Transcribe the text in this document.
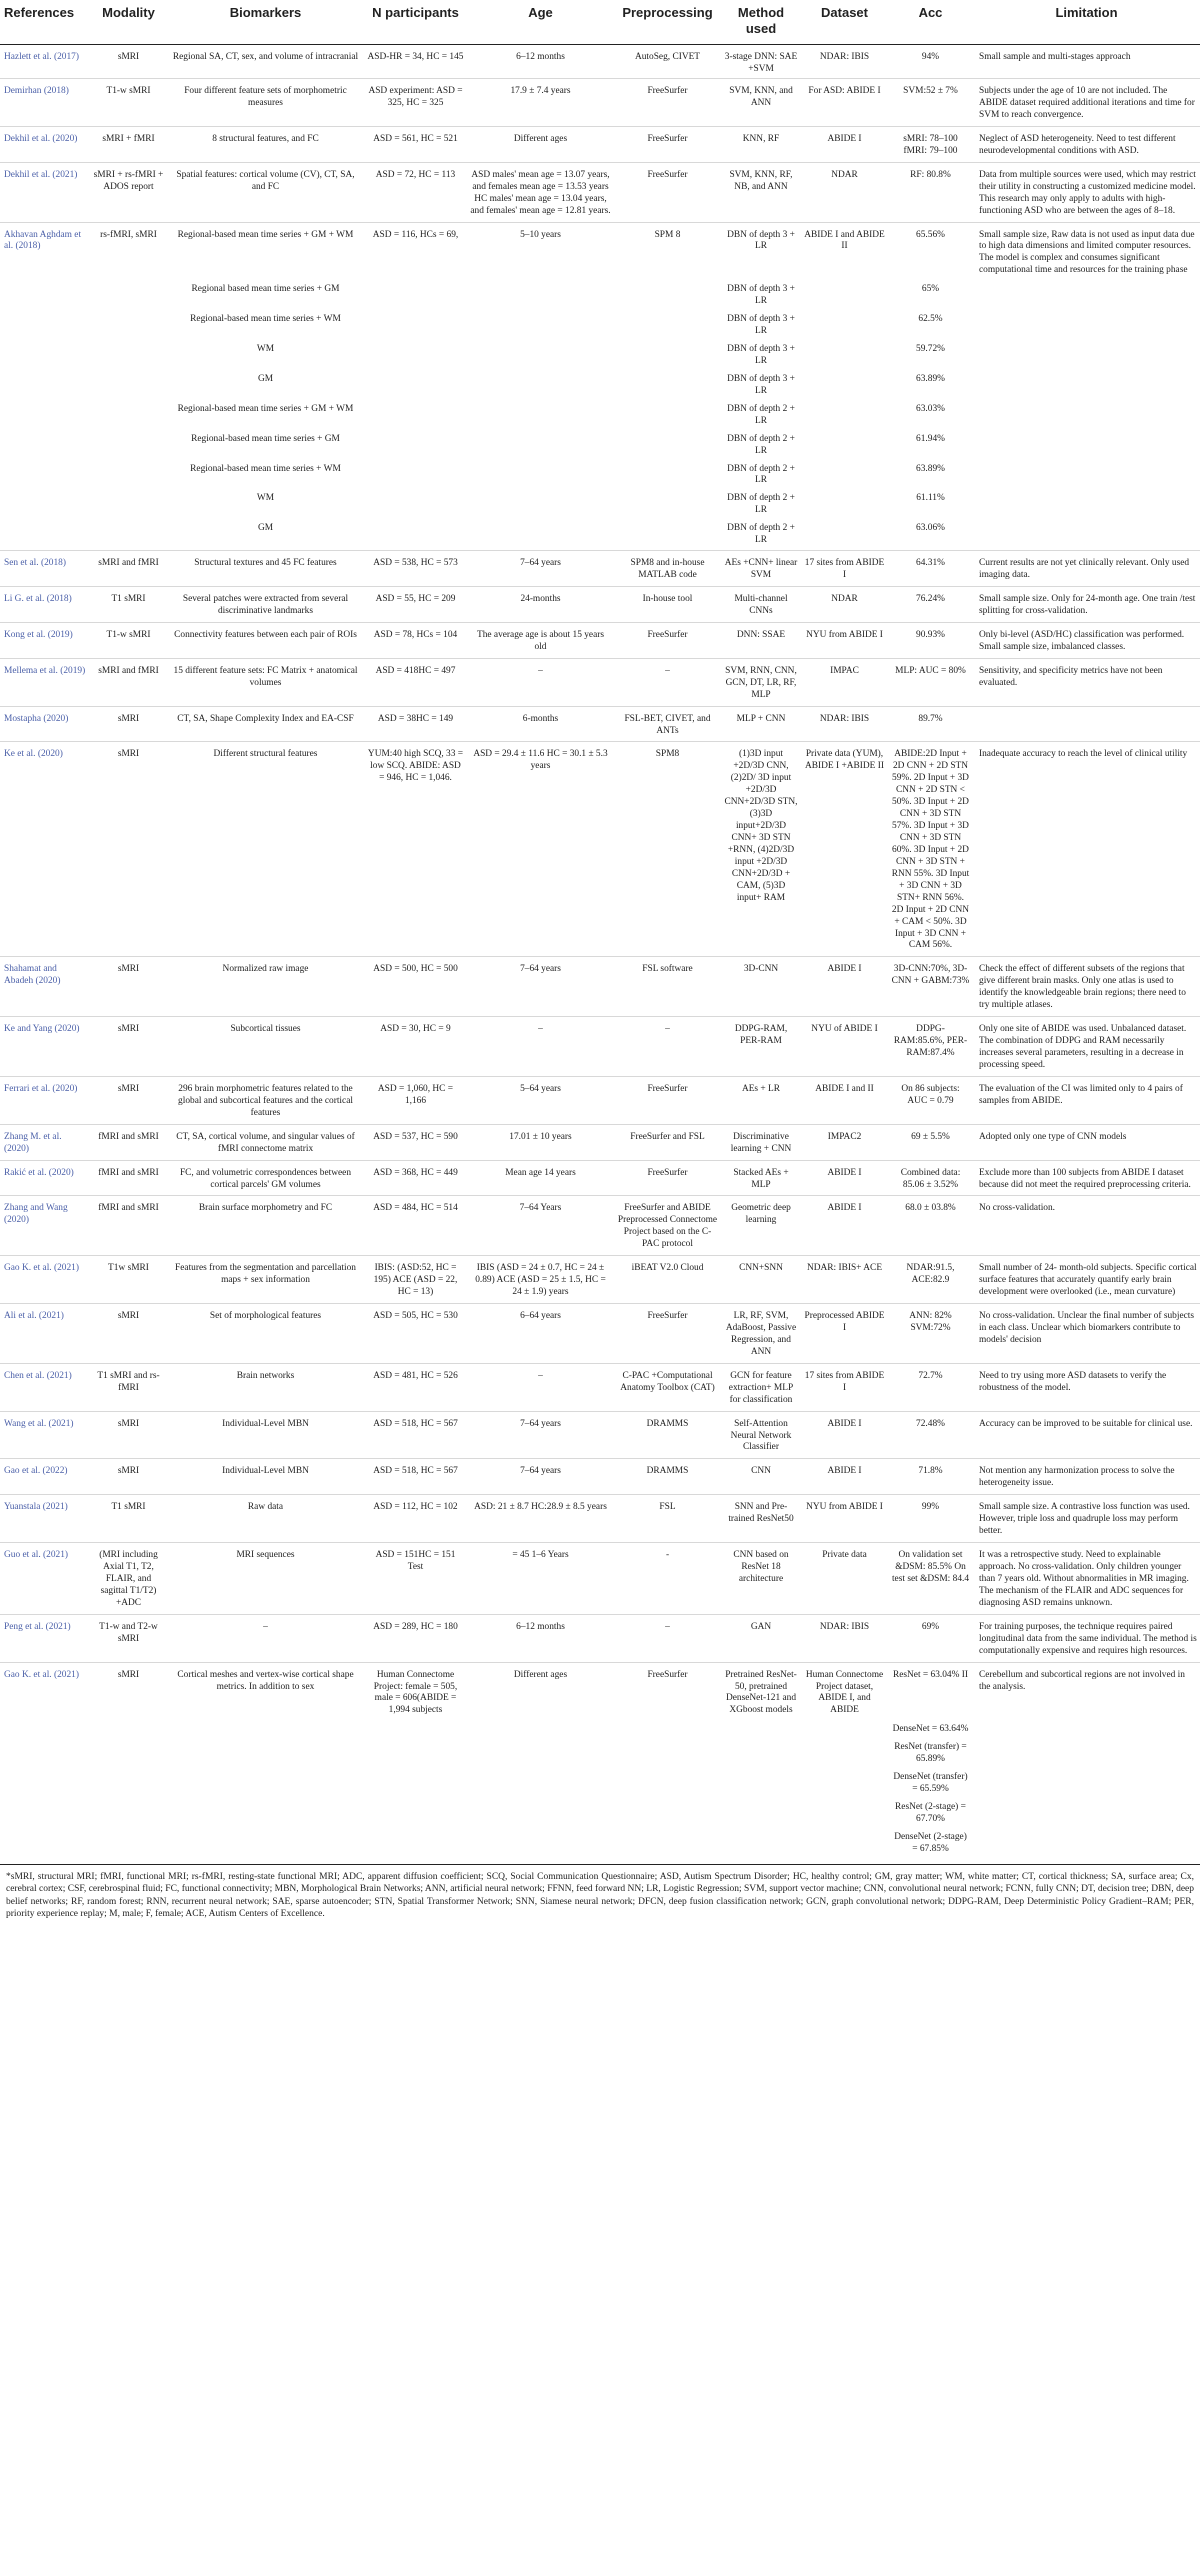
References	Modality	Biomarkers	N participants	Age	Preprocessing	Method used	Dataset	Acc	Limitation
Hazlett et al. (2017)	sMRI	Regional SA, CT, sex, and volume of intracranial	ASD-HR = 34, HC = 145	6–12 months	AutoSeg, CIVET	3-stage DNN: SAE +SVM	NDAR: IBIS	94%	Small sample and multi-stages approach
Demirhan (2018)	T1-w sMRI	Four different feature sets of morphometric measures	ASD experiment: ASD = 325, HC = 325	17.9 ± 7.4 years	FreeSurfer	SVM, KNN, and ANN	For ASD: ABIDE I	SVM:52 ± 7%	Subjects under the age of 10 are not included. The ABIDE dataset required additional iterations and time for SVM to reach convergence.
Dekhil et al. (2020)	sMRI + fMRI	8 structural features, and FC	ASD = 561, HC = 521	Different ages	FreeSurfer	KNN, RF	ABIDE I	sMRI: 78–100 fMRI: 79–100	Neglect of ASD heterogeneity. Need to test different neurodevelopmental conditions with ASD.
Dekhil et al. (2021)	sMRI + rs-fMRI + ADOS report	Spatial features: cortical volume (CV), CT, SA, and FC	ASD = 72, HC = 113	ASD males' mean age = 13.07 years, and females mean age = 13.53 years HC males' mean age = 13.04 years, and females' mean age = 12.81 years.	FreeSurfer	SVM, KNN, RF, NB, and ANN	NDAR	RF: 80.8%	Data from multiple sources were used, which may restrict their utility in constructing a customized medicine model. This research may only apply to adults with high-functioning ASD who are between the ages of 8–18.
Akhavan Aghdam et al. (2018)	rs-fMRI, sMRI	Regional-based mean time series + GM + WM	ASD = 116, HCs = 69,	5–10 years	SPM 8	DBN of depth 3 + LR	ABIDE I and ABIDE II	65.56%	Small sample size, Raw data is not used as input data due to high data dimensions and limited computer resources. The model is complex and consumes significant computational time and resources for the training phase
		Regional based mean time series + GM				DBN of depth 3 + LR		65%	
		Regional-based mean time series + WM				DBN of depth 3 + LR		62.5%	
		WM				DBN of depth 3 + LR		59.72%	
		GM				DBN of depth 3 + LR		63.89%	
		Regional-based mean time series + GM + WM				DBN of depth 2 + LR		63.03%	
		Regional-based mean time series + GM				DBN of depth 2 + LR		61.94%	
		Regional-based mean time series + WM				DBN of depth 2 + LR		63.89%	
		WM				DBN of depth 2 + LR		61.11%	
		GM				DBN of depth 2 + LR		63.06%	
Sen et al. (2018)	sMRI and fMRI	Structural textures and 45 FC features	ASD = 538, HC = 573	7–64 years	SPM8 and in-house MATLAB code	AEs +CNN+ linear SVM	17 sites from ABIDE I	64.31%	Current results are not yet clinically relevant. Only used imaging data.
Li G. et al. (2018)	T1 sMRI	Several patches were extracted from several discriminative landmarks	ASD = 55, HC = 209	24-months	In-house tool	Multi-channel CNNs	NDAR	76.24%	Small sample size. Only for 24-month age. One train /test splitting for cross-validation.
Kong et al. (2019)	T1-w sMRI	Connectivity features between each pair of ROIs	ASD = 78, HCs = 104	The average age is about 15 years old	FreeSurfer	DNN: SSAE	NYU from ABIDE I	90.93%	Only bi-level (ASD/HC) classification was performed. Small sample size, imbalanced classes.
Mellema et al. (2019)	sMRI and fMRI	15 different feature sets: FC Matrix + anatomical volumes	ASD = 418HC = 497	–	–	SVM, RNN, CNN, GCN, DT, LR, RF, MLP	IMPAC	MLP: AUC = 80%	Sensitivity, and specificity metrics have not been evaluated.
Mostapha (2020)	sMRI	CT, SA, Shape Complexity Index and EA-CSF	ASD = 38HC = 149	6-months	FSL-BET, CIVET, and ANTs	MLP + CNN	NDAR: IBIS	89.7%	
Ke et al. (2020)	sMRI	Different structural features	YUM:40 high SCQ, 33 = low SCQ. ABIDE: ASD = 946, HC = 1,046.	ASD = 29.4 ± 11.6 HC = 30.1 ± 5.3 years	SPM8	(1)3D input +2D/3D CNN, (2)2D/ 3D input +2D/3D CNN+2D/3D STN, (3)3D input+2D/3D CNN+ 3D STN +RNN, (4)2D/3D input +2D/3D CNN+2D/3D + CAM, (5)3D input+ RAM	Private data (YUM), ABIDE I +ABIDE II	ABIDE:2D Input + 2D CNN + 2D STN 59%. 2D Input + 3D CNN + 2D STN < 50%. 3D Input + 2D CNN + 3D STN 57%. 3D Input + 3D CNN + 3D STN 60%. 3D Input + 2D CNN + 3D STN + RNN 55%. 3D Input + 3D CNN + 3D STN+ RNN 56%. 2D Input + 2D CNN + CAM < 50%. 3D Input + 3D CNN + CAM 56%.	Inadequate accuracy to reach the level of clinical utility
Shahamat and Abadeh (2020)	sMRI	Normalized raw image	ASD = 500, HC = 500	7–64 years	FSL software	3D-CNN	ABIDE I	3D-CNN:70%, 3D-CNN + GABM:73%	Check the effect of different subsets of the regions that give different brain masks. Only one atlas is used to identify the knowledgeable brain regions; there need to try multiple atlases.
Ke and Yang (2020)	sMRI	Subcortical tissues	ASD = 30, HC = 9	–	–	DDPG-RAM, PER-RAM	NYU of ABIDE I	DDPG-RAM:85.6%, PER-RAM:87.4%	Only one site of ABIDE was used. Unbalanced dataset. The combination of DDPG and RAM necessarily increases several parameters, resulting in a decrease in processing speed.
Ferrari et al. (2020)	sMRI	296 brain morphometric features related to the global and subcortical features and the cortical features	ASD = 1,060, HC = 1,166	5–64 years	FreeSurfer	AEs + LR	ABIDE I and II	On 86 subjects: AUC = 0.79	The evaluation of the CI was limited only to 4 pairs of samples from ABIDE.
Zhang M. et al. (2020)	fMRI and sMRI	CT, SA, cortical volume, and singular values of fMRI connectome matrix	ASD = 537, HC = 590	17.01 ± 10 years	FreeSurfer and FSL	Discriminative learning + CNN	IMPAC2	69 ± 5.5%	Adopted only one type of CNN models
Rakić et al. (2020)	fMRI and sMRI	FC, and volumetric correspondences between cortical parcels' GM volumes	ASD = 368, HC = 449	Mean age 14 years	FreeSurfer	Stacked AEs + MLP	ABIDE I	Combined data: 85.06 ± 3.52%	Exclude more than 100 subjects from ABIDE I dataset because did not meet the required preprocessing criteria.
Zhang and Wang (2020)	fMRI and sMRI	Brain surface morphometry and FC	ASD = 484, HC = 514	7–64 Years	FreeSurfer and ABIDE Preprocessed Connectome Project based on the C-PAC protocol	Geometric deep learning	ABIDE I	68.0 ± 03.8%	No cross-validation.
Gao K. et al. (2021)	T1w sMRI	Features from the segmentation and parcellation maps + sex information	IBIS: (ASD:52, HC = 195) ACE (ASD = 22, HC = 13)	IBIS (ASD = 24 ± 0.7, HC = 24 ± 0.89) ACE (ASD = 25 ± 1.5, HC = 24 ± 1.9) years	iBEAT V2.0 Cloud	CNN+SNN	NDAR: IBIS+ ACE	NDAR:91.5, ACE:82.9	Small number of 24- month-old subjects. Specific cortical surface features that accurately quantify early brain development were overlooked (i.e., mean curvature)
Ali et al. (2021)	sMRI	Set of morphological features	ASD = 505, HC = 530	6–64 years	FreeSurfer	LR, RF, SVM, AdaBoost, Passive Regression, and ANN	Preprocessed ABIDE I	ANN: 82% SVM:72%	No cross-validation. Unclear the final number of subjects in each class. Unclear which biomarkers contribute to models' decision
Chen et al. (2021)	T1 sMRI and rs-fMRI	Brain networks	ASD = 481, HC = 526	–	C-PAC +Computational Anatomy Toolbox (CAT)	GCN for feature extraction+ MLP for classification	17 sites from ABIDE I	72.7%	Need to try using more ASD datasets to verify the robustness of the model.
Wang et al. (2021)	sMRI	Individual-Level MBN	ASD = 518, HC = 567	7–64 years	DRAMMS	Self-Attention Neural Network Classifier	ABIDE I	72.48%	Accuracy can be improved to be suitable for clinical use.
Gao et al. (2022)	sMRI	Individual-Level MBN	ASD = 518, HC = 567	7–64 years	DRAMMS	CNN	ABIDE I	71.8%	Not mention any harmonization process to solve the heterogeneity issue.
Yuanstala (2021)	T1 sMRI	Raw data	ASD = 112, HC = 102	ASD: 21 ± 8.7 HC:28.9 ± 8.5 years	FSL	SNN and Pre-trained ResNet50	NYU from ABIDE I	99%	Small sample size. A contrastive loss function was used. However, triple loss and quadruple loss may perform better.
Guo et al. (2021)	(MRI including Axial T1, T2, FLAIR, and sagittal T1/T2) +ADC	MRI sequences	ASD = 151HC = 151 Test	= 45 1–6 Years	-	CNN based on ResNet 18 architecture	Private data	On validation set &DSM: 85.5% On test set &DSM: 84.4	It was a retrospective study. Need to explainable approach. No cross-validation. Only children younger than 7 years old. Without abnormalities in MR imaging. The mechanism of the FLAIR and ADC sequences for diagnosing ASD remains unknown.
Peng et al. (2021)	T1-w and T2-w sMRI	–	ASD = 289, HC = 180	6–12 months	–	GAN	NDAR: IBIS	69%	For training purposes, the technique requires paired longitudinal data from the same individual. The method is computationally expensive and requires high resources.
Gao K. et al. (2021)	sMRI	Cortical meshes and vertex-wise cortical shape metrics. In addition to sex	Human Connectome Project: female = 505, male = 606(ABIDE = 1,994 subjects	Different ages	FreeSurfer	Pretrained ResNet-50, pretrained DenseNet-121 and XGboost models	Human Connectome Project dataset, ABIDE I, and ABIDE	ResNet = 63.04% II	Cerebellum and subcortical regions are not involved in the analysis.
								DenseNet = 63.64%	
								ResNet (transfer) = 65.89%	
								DenseNet (transfer) = 65.59%	
								ResNet (2-stage) = 67.70%	
								DenseNet (2-stage) = 67.85%	
*sMRI, structural MRI; fMRI, functional MRI; rs-fMRI, resting-state functional MRI; ADC, apparent diffusion coefficient; SCQ, Social Communication Questionnaire; ASD, Autism Spectrum Disorder; HC, healthy control; GM, gray matter; WM, white matter; CT, cortical thickness; SA, surface area; Cx, cerebral cortex; CSF, cerebrospinal fluid; FC, functional connectivity; MBN, Morphological Brain Networks; ANN, artificial neural network; FFNN, feed forward NN; LR, Logistic Regression; SVM, support vector machine; CNN, convolutional neural network; FCNN, fully CNN; DT, decision tree; DBN, deep belief networks; RF, random forest; RNN, recurrent neural network; SAE, sparse autoencoder; STN, Spatial Transformer Network; SNN, Siamese neural network; DFCN, deep fusion classification network; GCN, graph convolutional network; DDPG-RAM, Deep Deterministic Policy Gradient–RAM; PER, priority experience replay; M, male; F, female; ACE, Autism Centers of Excellence.
